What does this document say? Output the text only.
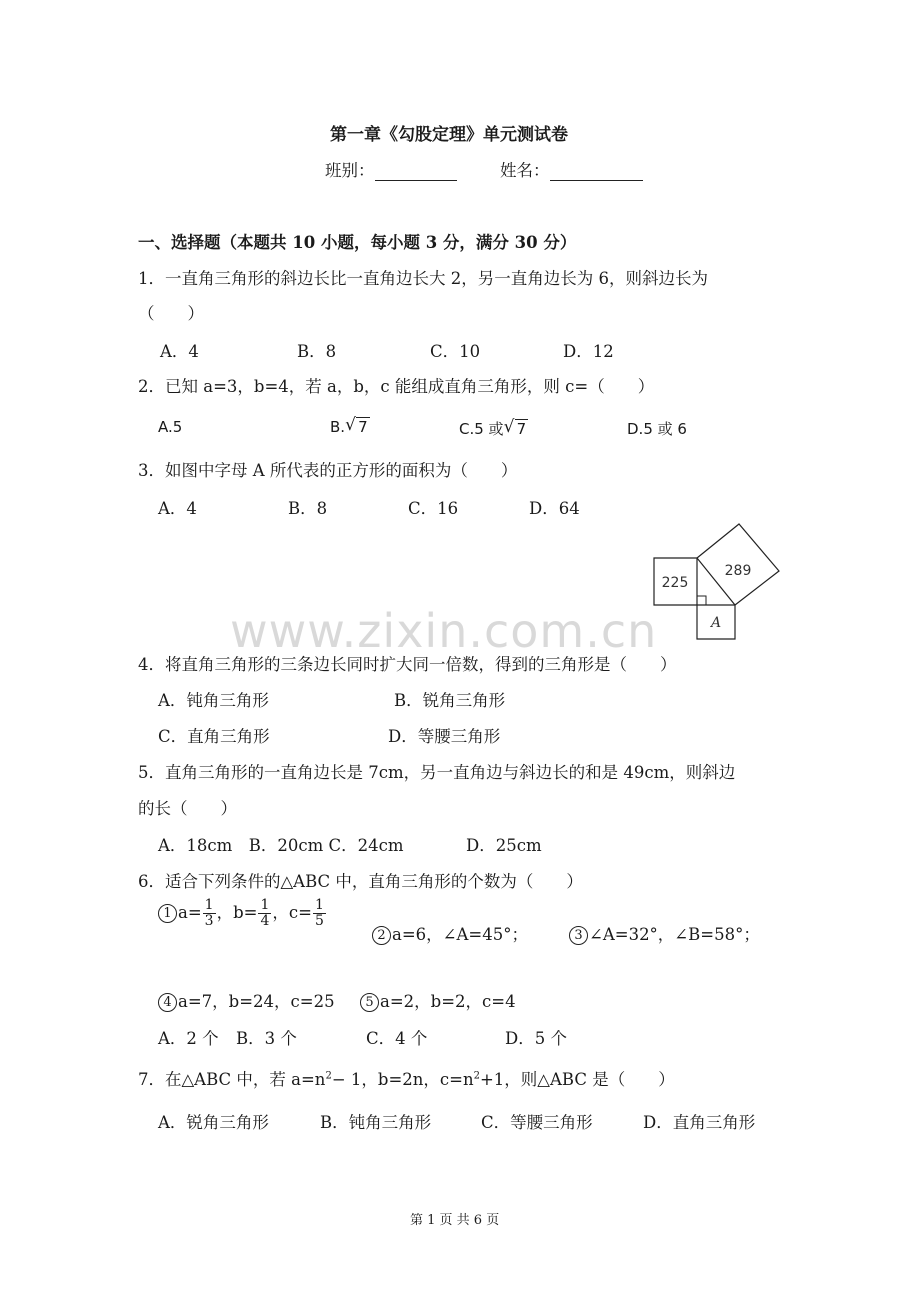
第一章《勾股定理》单元测试卷
班别：	姓名：
一、选择题（本题共 10 小题，每小题 3 分，满分 30 分）
1．一直角三角形的斜边长比一直角边长大 2，另一直角边长为 6，则斜边长为
（　　）
A．4	B．8	C．10	D．12
2．已知 a=3，b=4，若 a，b，c 能组成直角三角形，则 c=（　　）
A.5	B. √ 7	C.5 或 √ 7	D.5 或 6
3．如图中字母 A 所代表的正方形的面积为（　　）
A．4	B．8	C．16	D．64
225
289
A
www.zixin.com.cn
4．将直角三角形的三条边长同时扩大同一倍数，得到的三角形是（　　）
A．钝角三角形	B．锐角三角形
C．直角三角形	D．等腰三角形
5．直角三角形的一直角边长是 7cm，另一直角边与斜边长的和是 49cm，则斜边
的长（　　）
A．18cm　B．20cm C．24cm	D．25cm
6．适合下列条件的△ABC 中，直角三角形的个数为（　　）
1 $a= \frac{1}{3}$ ，$b= \frac{1}{4}$ ，$c= \frac{1}{5}$
2 a=6，∠A=45°；	3 ∠A=32°，∠B=58°；
4 a=7，b=24，c=25	5 a=2，b=2，c=4
A．2 个 B．3 个	C．4 个	D．5 个
7．在△ABC 中，若 $a=n^2- 1$，b=2n，$c=n^2+1$，则△ABC 是（　　）
A．锐角三角形	B．钝角三角形	C．等腰三角形	D．直角三角形
第 1 页 共 6 页
